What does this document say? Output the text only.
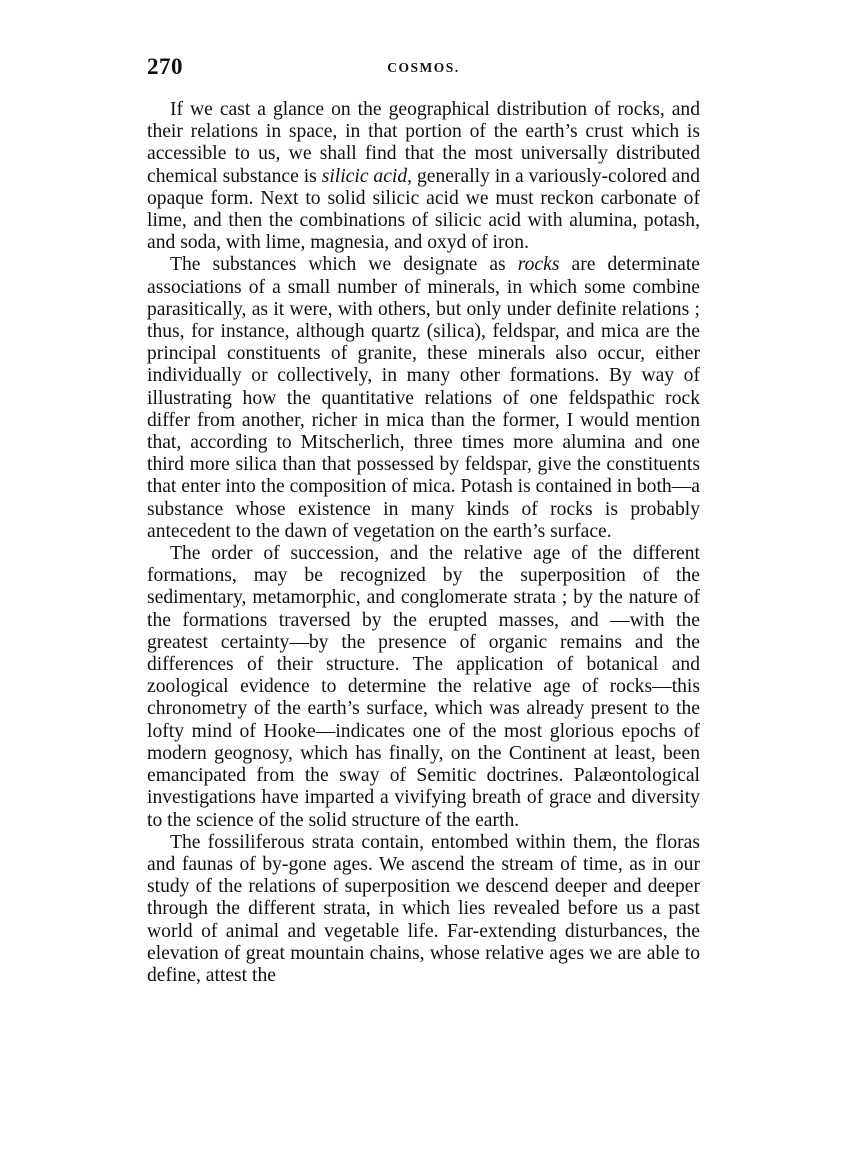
270	COSMOS.

If we cast a glance on the geographical distribution of rocks, and their relations in space, in that portion of the earth’s crust which is accessible to us, we shall find that the most universally distributed chemical substance is silicic acid, generally in a variously-colored and opaque form. Next to solid silicic acid we must reckon carbonate of lime, and then the combinations of silicic acid with alumina, potash, and soda, with lime, magnesia, and oxyd of iron.

The substances which we designate as rocks are determinate associations of a small number of minerals, in which some combine parasitically, as it were, with others, but only under definite relations ; thus, for instance, although quartz (silica), feldspar, and mica are the principal constituents of granite, these minerals also occur, either individually or collectively, in many other formations. By way of illustrating how the quantitative relations of one feldspathic rock differ from another, richer in mica than the former, I would mention that, according to Mitscherlich, three times more alumina and one third more silica than that possessed by feldspar, give the constituents that enter into the composition of mica. Potash is contained in both—a substance whose existence in many kinds of rocks is probably antecedent to the dawn of vegetation on the earth’s surface.

The order of succession, and the relative age of the different formations, may be recognized by the superposition of the sedimentary, metamorphic, and conglomerate strata ; by the nature of the formations traversed by the erupted masses, and —with the greatest certainty—by the presence of organic remains and the differences of their structure. The application of botanical and zoological evidence to determine the relative age of rocks—this chronometry of the earth’s surface, which was already present to the lofty mind of Hooke—indicates one of the most glorious epochs of modern geognosy, which has finally, on the Continent at least, been emancipated from the sway of Semitic doctrines. Palæontological investigations have imparted a vivifying breath of grace and diversity to the science of the solid structure of the earth.

The fossiliferous strata contain, entombed within them, the floras and faunas of by-gone ages. We ascend the stream of time, as in our study of the relations of superposition we descend deeper and deeper through the different strata, in which lies revealed before us a past world of animal and vegetable life. Far-extending disturbances, the elevation of great mountain chains, whose relative ages we are able to define, attest the
